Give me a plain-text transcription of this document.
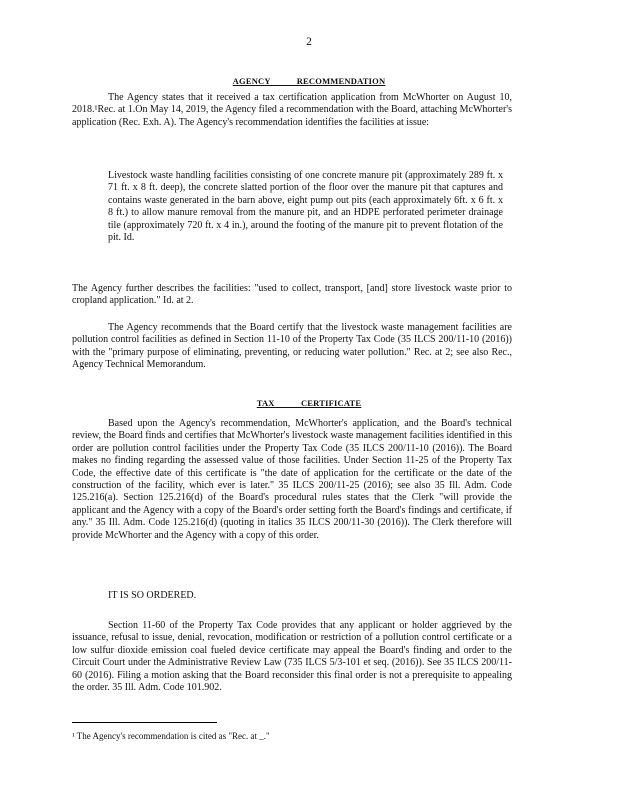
2
AGENCY RECOMMENDATION

The Agency states that it received a tax certification application from McWhorter on August 10, 2018.¹Rec. at 1.On May 14, 2019, the Agency filed a recommendation with the Board, attaching McWhorter's application (Rec. Exh. A). The Agency's recommendation identifies the facilities at issue:

Livestock waste handling facilities consisting of one concrete manure pit (approximately 289 ft. x 71 ft. x 8 ft. deep), the concrete slatted portion of the floor over the manure pit that captures and contains waste generated in the barn above, eight pump out pits (each approximately 6ft. x 6 ft. x 8 ft.) to allow manure removal from the manure pit, and an HDPE perforated perimeter drainage tile (approximately 720 ft. x 4 in.), around the footing of the manure pit to prevent flotation of the pit. Id.

The Agency further describes the facilities: "used to collect, transport, [and] store livestock waste prior to cropland application." Id. at 2.

The Agency recommends that the Board certify that the livestock waste management facilities are pollution control facilities as defined in Section 11-10 of the Property Tax Code (35 ILCS 200/11-10 (2016)) with the "primary purpose of eliminating, preventing, or reducing water pollution." Rec. at 2; see also Rec., Agency Technical Memorandum.

TAX CERTIFICATE

Based upon the Agency's recommendation, McWhorter's application, and the Board's technical review, the Board finds and certifies that McWhorter's livestock waste management facilities identified in this order are pollution control facilities under the Property Tax Code (35 ILCS 200/11-10 (2016)). The Board makes no finding regarding the assessed value of those facilities. Under Section 11-25 of the Property Tax Code, the effective date of this certificate is "the date of application for the certificate or the date of the construction of the facility, which ever is later." 35 ILCS 200/11-25 (2016); see also 35 Ill. Adm. Code 125.216(a). Section 125.216(d) of the Board's procedural rules states that the Clerk "will provide the applicant and the Agency with a copy of the Board's order setting forth the Board's findings and certificate, if any." 35 Ill. Adm. Code 125.216(d) (quoting in italics 35 ILCS 200/11-30 (2016)). The Clerk therefore will provide McWhorter and the Agency with a copy of this order.

IT IS SO ORDERED.

Section 11-60 of the Property Tax Code provides that any applicant or holder aggrieved by the issuance, refusal to issue, denial, revocation, modification or restriction of a pollution control certificate or a low sulfur dioxide emission coal fueled device certificate may appeal the Board's finding and order to the Circuit Court under the Administrative Review Law (735 ILCS 5/3-101 et seq. (2016)). See 35 ILCS 200/11-60 (2016). Filing a motion asking that the Board reconsider this final order is not a prerequisite to appealing the order. 35 Ill. Adm. Code 101.902.

¹ The Agency's recommendation is cited as "Rec. at _."
